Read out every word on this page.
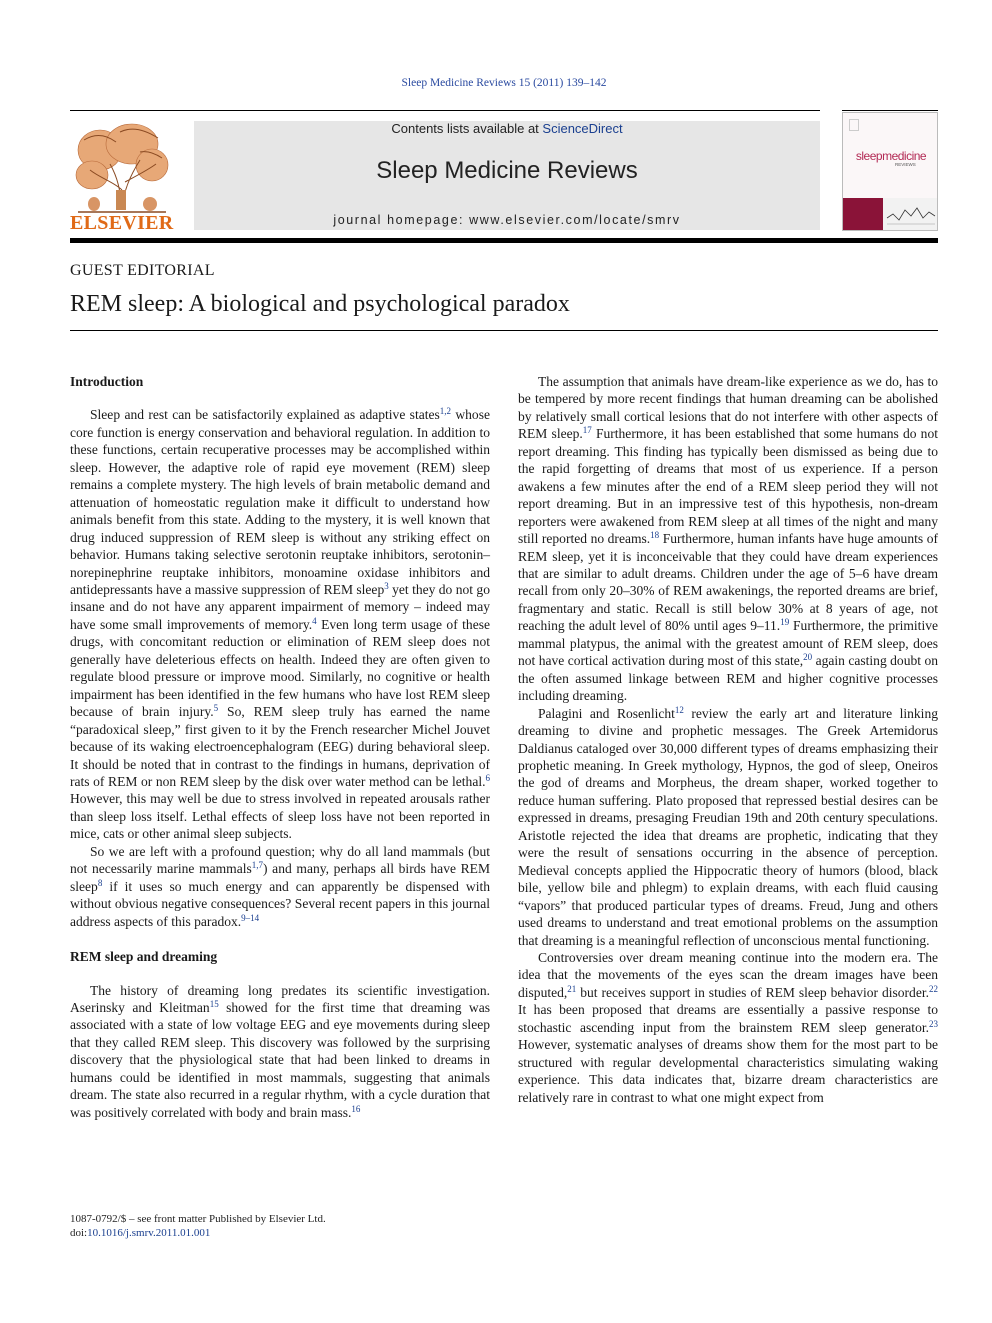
Sleep Medicine Reviews 15 (2011) 139–142
ELSEVIER
Contents lists available at ScienceDirect
Sleep Medicine Reviews
journal homepage: www.elsevier.com/locate/smrv
sleepmedicine
REVIEWS
GUEST EDITORIAL
REM sleep: A biological and psychological paradox
Introduction

Sleep and rest can be satisfactorily explained as adaptive states$^{1,2}$ whose core function is energy conservation and behavioral regulation. In addition to these functions, certain recuperative processes may be accomplished within sleep. However, the adaptive role of rapid eye movement (REM) sleep remains a complete mystery. The high levels of brain metabolic demand and attenuation of homeostatic regulation make it difficult to understand how animals benefit from this state. Adding to the mystery, it is well known that drug induced suppression of REM sleep is without any striking effect on behavior. Humans taking selective serotonin reuptake inhibitors, serotonin–norepinephrine reuptake inhibitors, monoamine oxidase inhibitors and antidepressants have a massive suppression of REM sleep$^3$ yet they do not go insane and do not have any apparent impairment of memory – indeed may have some small improvements of memory.$^4$ Even long term usage of these drugs, with concomitant reduction or elimination of REM sleep does not generally have deleterious effects on health. Indeed they are often given to regulate blood pressure or improve mood. Similarly, no cognitive or health impairment has been identified in the few humans who have lost REM sleep because of brain injury.$^5$ So, REM sleep truly has earned the name “paradoxical sleep,” first given to it by the French researcher Michel Jouvet because of its waking electroencephalogram (EEG) during behavioral sleep. It should be noted that in contrast to the findings in humans, deprivation of rats of REM or non REM sleep by the disk over water method can be lethal.$^6$ However, this may well be due to stress involved in repeated arousals rather than sleep loss itself. Lethal effects of sleep loss have not been reported in mice, cats or other animal sleep subjects.

So we are left with a profound question; why do all land mammals (but not necessarily marine mammals$^{1,7}$) and many, perhaps all birds have REM sleep$^8$ if it uses so much energy and can apparently be dispensed with without obvious negative consequences? Several recent papers in this journal address aspects of this paradox.$^{9-14}$

REM sleep and dreaming

The history of dreaming long predates its scientific investigation. Aserinsky and Kleitman$^{15}$ showed for the first time that dreaming was associated with a state of low voltage EEG and eye movements during sleep that they called REM sleep. This discovery was followed by the surprising discovery that the physiological state that had been linked to dreams in humans could be identified in most mammals, suggesting that animals dream. The state also recurred in a regular rhythm, with a cycle duration that was positively correlated with body and brain mass.$^{16}$

The assumption that animals have dream-like experience as we do, has to be tempered by more recent findings that human dreaming can be abolished by relatively small cortical lesions that do not interfere with other aspects of REM sleep.$^{17}$ Furthermore, it has been established that some humans do not report dreaming. This finding has typically been dismissed as being due to the rapid forgetting of dreams that most of us experience. If a person awakens a few minutes after the end of a REM sleep period they will not report dreaming. But in an impressive test of this hypothesis, non-dream reporters were awakened from REM sleep at all times of the night and many still reported no dreams.$^{18}$ Furthermore, human infants have huge amounts of REM sleep, yet it is inconceivable that they could have dream experiences that are similar to adult dreams. Children under the age of 5–6 have dream recall from only 20–30% of REM awakenings, the reported dreams are brief, fragmentary and static. Recall is still below 30% at 8 years of age, not reaching the adult level of 80% until ages 9–11.19 Furthermore, the primitive mammal platypus, the animal with the greatest amount of REM sleep, does not have cortical activation during most of this state,$^{20}$ again casting doubt on the often assumed linkage between REM and higher cognitive processes including dreaming.

Palagini and Rosenlicht$^{12}$ review the early art and literature linking dreaming to divine and prophetic messages. The Greek Artemidorus Daldianus cataloged over 30,000 different types of dreams emphasizing their prophetic meaning. In Greek mythology, Hypnos, the god of sleep, Oneiros the god of dreams and Morpheus, the dream shaper, worked together to reduce human suffering. Plato proposed that repressed bestial desires can be expressed in dreams, presaging Freudian 19th and 20th century speculations. Aristotle rejected the idea that dreams are prophetic, indicating that they were the result of sensations occurring in the absence of perception. Medieval concepts applied the Hippocratic theory of humors (blood, black bile, yellow bile and phlegm) to explain dreams, with each fluid causing “vapors” that produced particular types of dreams. Freud, Jung and others used dreams to understand and treat emotional problems on the assumption that dreaming is a meaningful reflection of unconscious mental functioning.

Controversies over dream meaning continue into the modern era. The idea that the movements of the eyes scan the dream images have been disputed,$^{21}$ but receives support in studies of REM sleep behavior disorder.$^{22}$ It has been proposed that dreams are essentially a passive response to stochastic ascending input from the brainstem REM sleep generator.$^{23}$ However, systematic analyses of dreams show them for the most part to be structured with regular developmental characteristics simulating waking experience. This data indicates that, bizarre dream characteristics are relatively rare in contrast to what one might expect from

1087-0792/$ – see front matter Published by Elsevier Ltd.
doi:10.1016/j.smrv.2011.01.001
